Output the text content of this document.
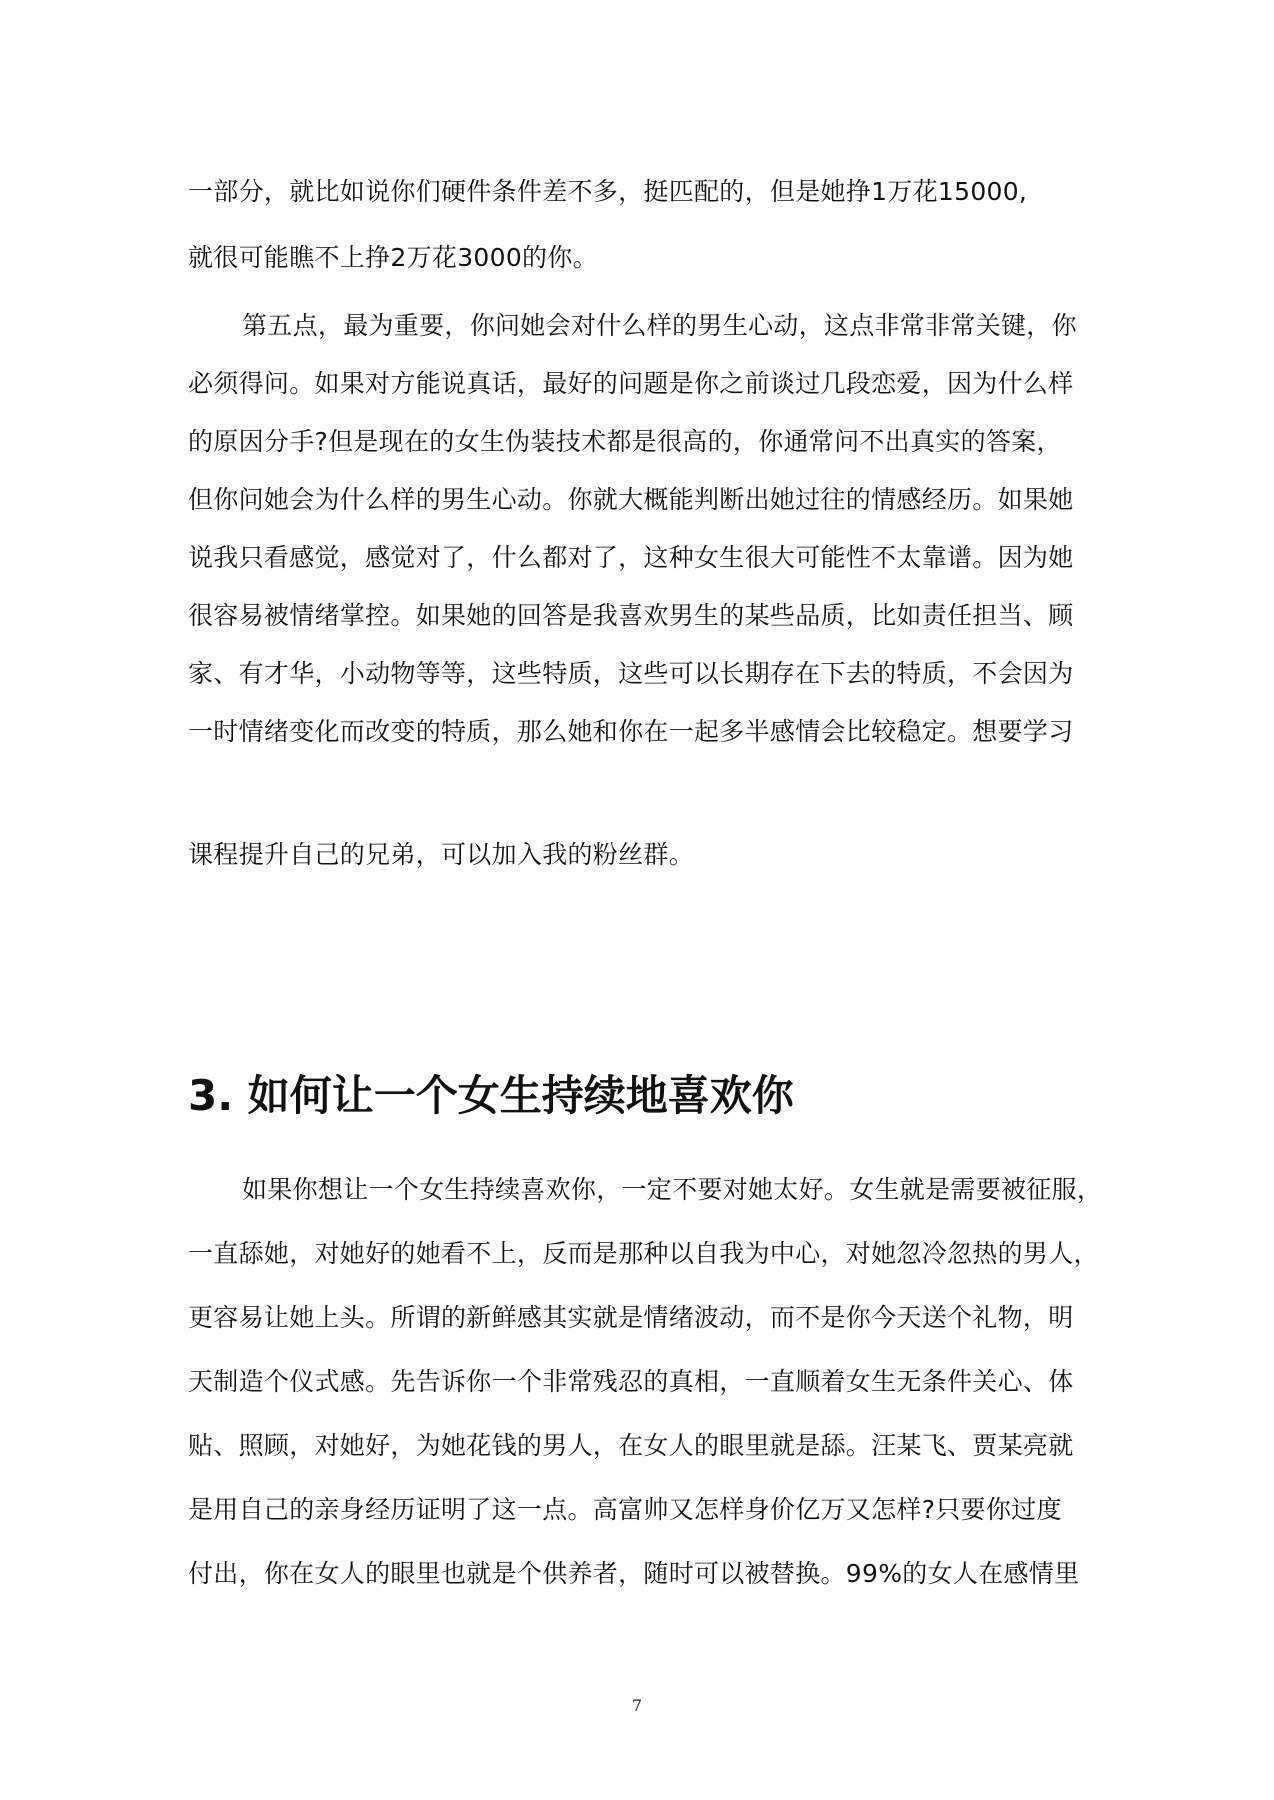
一部分，就比如说你们硬件条件差不多，挺匹配的，但是她挣1万花15000,
就很可能瞧不上挣2万花3000的你。
第五点，最为重要，你问她会对什么样的男生心动，这点非常非常关键，你
必须得问。如果对方能说真话，最好的问题是你之前谈过几段恋爱，因为什么样
的原因分手?但是现在的女生伪装技术都是很高的，你通常问不出真实的答案，
但你问她会为什么样的男生心动。你就大概能判断出她过往的情感经历。如果她
说我只看感觉，感觉对了，什么都对了，这种女生很大可能性不太靠谱。因为她
很容易被情绪掌控。如果她的回答是我喜欢男生的某些品质，比如责任担当、顾
家、有才华，小动物等等，这些特质，这些可以长期存在下去的特质，不会因为
一时情绪变化而改变的特质，那么她和你在一起多半感情会比较稳定。想要学习
课程提升自己的兄弟，可以加入我的粉丝群。
3. 如何让一个女生持续地喜欢你
如果你想让一个女生持续喜欢你，一定不要对她太好。女生就是需要被征服，
一直舔她，对她好的她看不上，反而是那种以自我为中心，对她忽冷忽热的男人，
更容易让她上头。所谓的新鲜感其实就是情绪波动，而不是你今天送个礼物，明
天制造个仪式感。先告诉你一个非常残忍的真相，一直顺着女生无条件关心、体
贴、照顾，对她好，为她花钱的男人，在女人的眼里就是舔。汪某飞、贾某亮就
是用自己的亲身经历证明了这一点。高富帅又怎样身价亿万又怎样?只要你过度
付出，你在女人的眼里也就是个供养者，随时可以被替换。99%的女人在感情里
7
